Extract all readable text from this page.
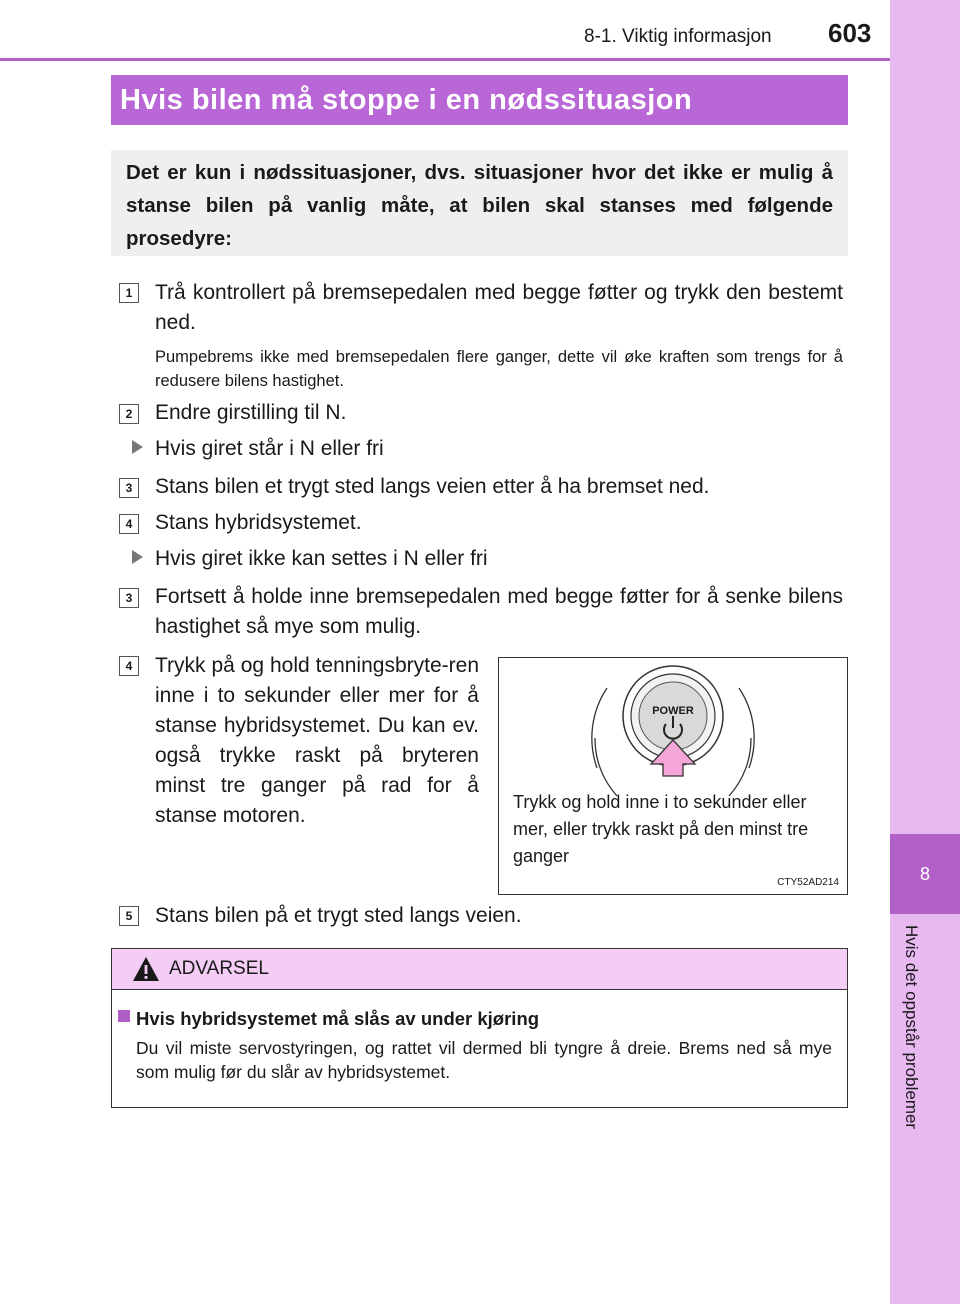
8
Hvis det oppstår problemer
8-1. Viktig informasjon 603
Hvis bilen må stoppe i en nødssituasjon
Det er kun i nødssituasjoner, dvs. situasjoner hvor det ikke er mulig å stanse bilen på vanlig måte, at bilen skal stanses med følgende prosedyre:
1	Trå kontrollert på bremsepedalen med begge føtter og trykk den bestemt ned.
Pumpebrems ikke med bremsepedalen flere ganger, dette vil øke kraften som trengs for å redusere bilens hastighet.
2	Endre girstilling til N.
Hvis giret står i N eller fri
3	Stans bilen et trygt sted langs veien etter å ha bremset ned.
4	Stans hybridsystemet.
Hvis giret ikke kan settes i N eller fri
3	Fortsett å holde inne bremsepedalen med begge føtter for å senke bilens hastighet så mye som mulig.
4	Trykk på og hold tenningsbryte-ren inne i to sekunder eller mer for å stanse hybridsystemet. Du kan ev. også trykke raskt på bryteren minst tre ganger på rad for å stanse motoren.
POWER
Trykk og hold inne i to sekunder eller mer, eller trykk raskt på den minst tre ganger
CTY52AD214
5	Stans bilen på et trygt sted langs veien.
ADVARSEL
Hvis hybridsystemet må slås av under kjøring
Du vil miste servostyringen, og rattet vil dermed bli tyngre å dreie. Brems ned så mye som mulig før du slår av hybridsystemet.
